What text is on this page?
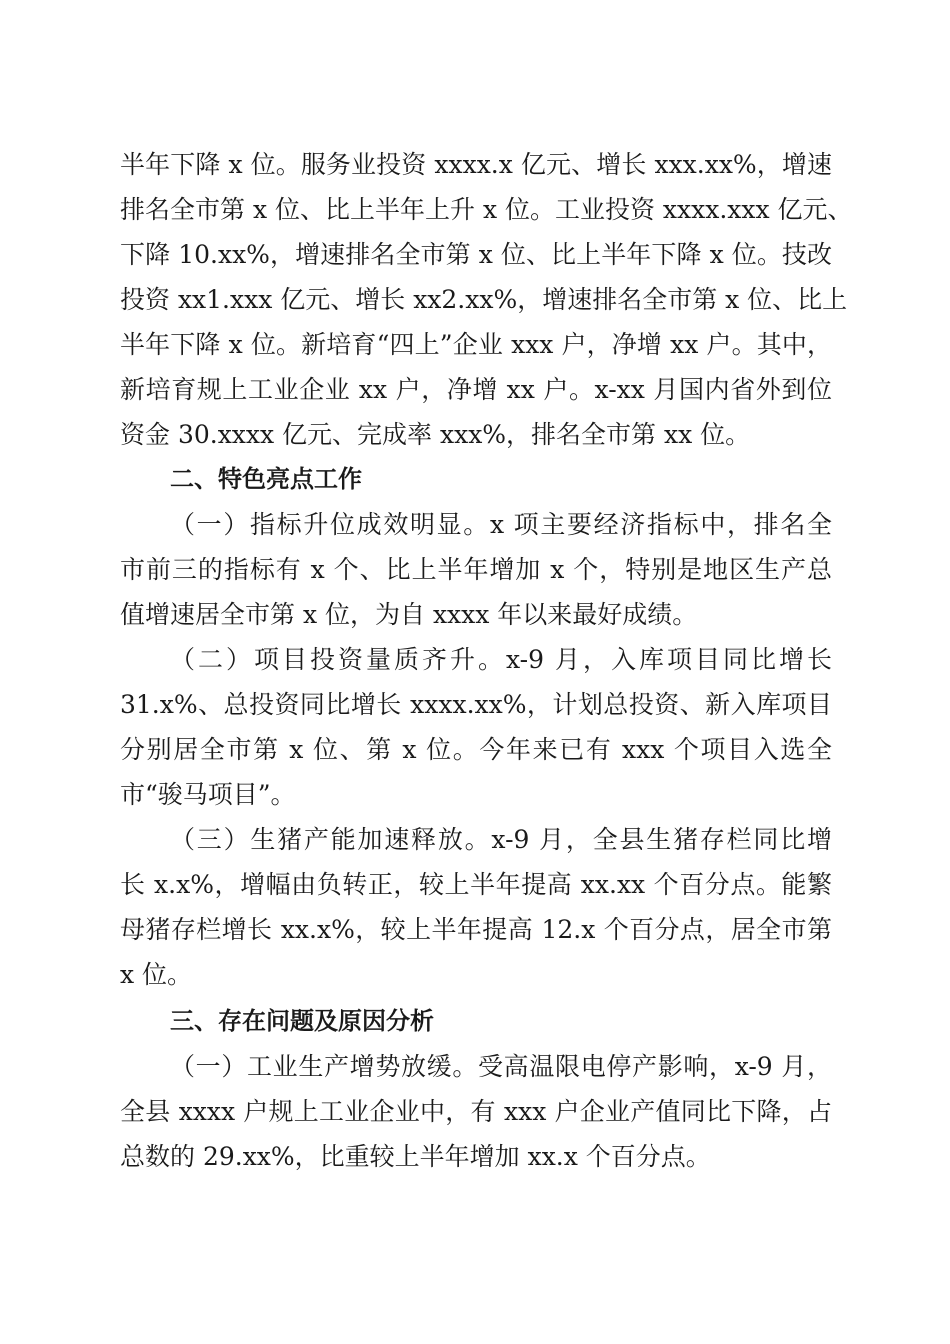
半年下降 x 位。服务业投资 xxxx.x 亿元、增长 xxx.xx%，增速
排名全市第 x 位、比上半年上升 x 位。工业投资 xxxx.xxx 亿元、
下降 10.xx%，增速排名全市第 x 位、比上半年下降 x 位。技改
投资 xx1.xxx 亿元、增长 xx2.xx%，增速排名全市第 x 位、比上
半年下降 x 位。新培育“四上”企业 xxx 户，净增 xx 户。其中，
新培育规上工业企业 xx 户，净增 xx 户。x-xx 月国内省外到位
资金 30.xxxx 亿元、完成率 xxx%，排名全市第 xx 位。
二、特色亮点工作
（一）指标升位成效明显。x 项主要经济指标中，排名全
市前三的指标有 x 个、比上半年增加 x 个，特别是地区生产总
值增速居全市第 x 位，为自 xxxx 年以来最好成绩。
（二）项目投资量质齐升。x-9 月，入库项目同比增长
31.x%、总投资同比增长 xxxx.xx%，计划总投资、新入库项目
分别居全市第 x 位、第 x 位。今年来已有 xxx 个项目入选全
市“骏马项目”。
（三）生猪产能加速释放。x-9 月，全县生猪存栏同比增
长 x.x%，增幅由负转正，较上半年提高 xx.xx 个百分点。能繁
母猪存栏增长 xx.x%，较上半年提高 12.x 个百分点，居全市第
x 位。
三、存在问题及原因分析
（一）工业生产增势放缓。受高温限电停产影响，x-9 月，
全县 xxxx 户规上工业企业中，有 xxx 户企业产值同比下降，占
总数的 29.xx%，比重较上半年增加 xx.x 个百分点。
